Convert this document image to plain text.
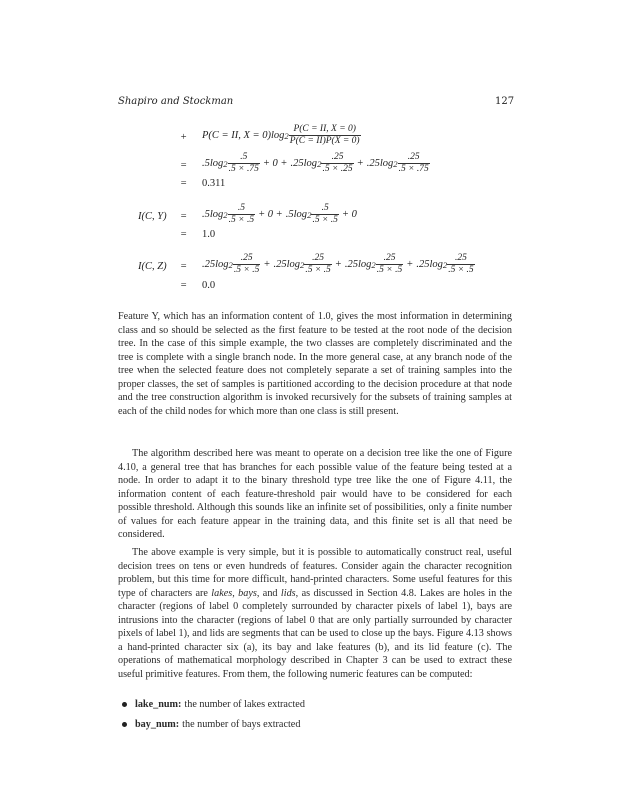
Shapiro and Stockman	127
+ P(C = II, X = 0)log $2 \frac{P(C = II, X = 0)}{P(C = II)P(X = 0)}$
= .5log $2 \frac{.5}{.5 \times .75} + 0 + .25\log$ $2 \frac{.25}{.5 \times .25} + .25\log$ $2 \frac{.25}{.5 \times .75}$
= 0.311
I(C, Y) = .5log $2 \frac{.5}{.5 \times .5} + 0 + .5\log$ $2 \frac{.5}{.5 \times .5} + 0$
= 1.0
I(C, Z) = .25log $2 \frac{.25}{.5 \times .5} + .25\log$ $2 \frac{.25}{.5 \times .5} + .25\log$ $2 \frac{.25}{.5 \times .5} + .25\log$ $2 \frac{.25}{.5 \times .5}$
= 0.0

Feature Y, which has an information content of 1.0, gives the most information in determining class and so should be selected as the first feature to be tested at the root node of the decision tree. In the case of this simple example, the two classes are completely discriminated and the tree is complete with a single branch node. In the more general case, at any branch node of the tree when the selected feature does not completely separate a set of training samples into the proper classes, the set of samples is partitioned according to the decision procedure at that node and the tree construction algorithm is invoked recursively for the subsets of training samples at each of the child nodes for which more than one class is still present.

The algorithm described here was meant to operate on a decision tree like the one of Figure 4.10, a general tree that has branches for each possible value of the feature being tested at a node. In order to adapt it to the binary threshold type tree like the one of Figure 4.11, the information content of each feature-threshold pair would have to be considered for each possible threshold. Although this sounds like an infinite set of possibilities, only a finite number of values for each feature appear in the training data, and this finite set is all that need be considered.

The above example is very simple, but it is possible to automatically construct real, useful decision trees on tens or even hundreds of features. Consider again the character recognition problem, but this time for more difficult, hand-printed characters. Some useful features for this type of characters are lakes, bays, and lids, as discussed in Section 4.8. Lakes are holes in the character (regions of label 0 completely surrounded by character pixels of label 1), bays are intrusions into the character (regions of label 0 that are only partially surrounded by character pixels of label 1), and lids are segments that can be used to close up the bays. Figure 4.13 shows a hand-printed character six (a), its bay and lake features (b), and its lid feature (c). The operations of mathematical morphology described in Chapter 3 can be used to extract these useful primitive features. From them, the following numeric features can be computed:

lake_num: the number of lakes extracted
bay_num: the number of bays extracted
